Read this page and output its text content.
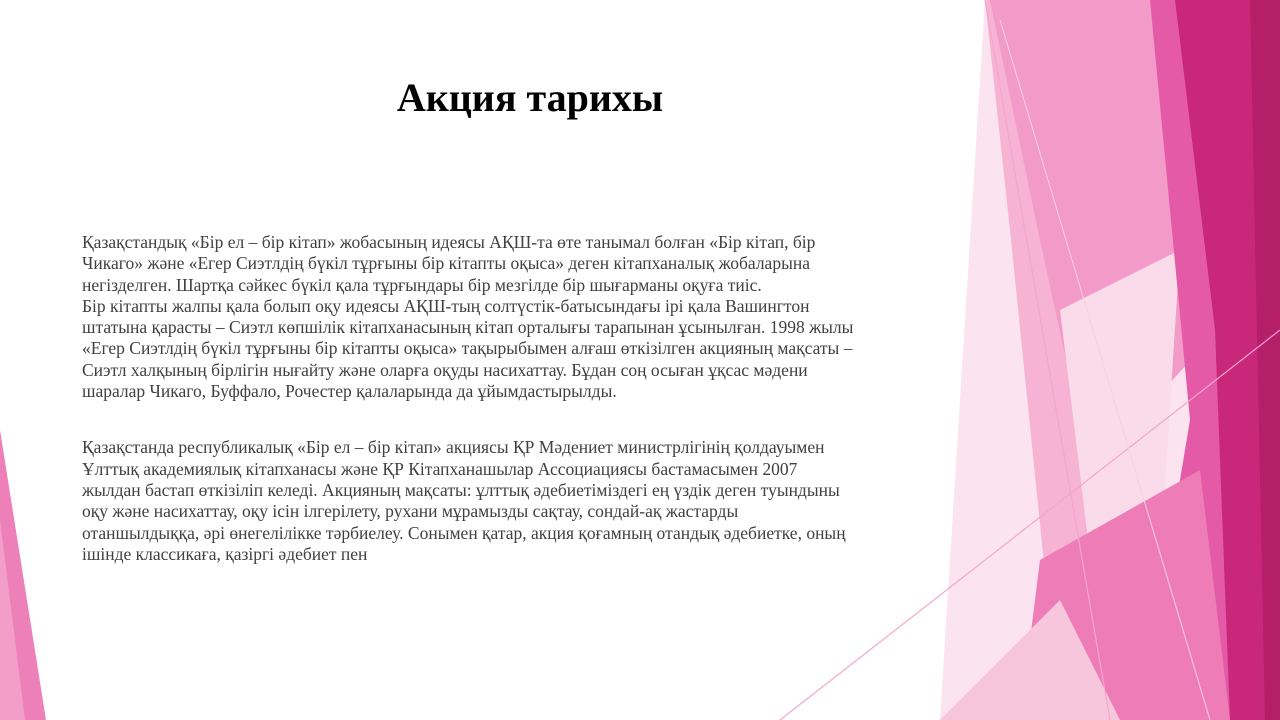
Акция тарихы

Қазақстандық «Бір ел – бір кітап» жобасының идеясы АҚШ-та өте танымал болған «Бір кітап, бір
Чикаго» және «Егер Сиэтлдің бүкіл тұрғыны бір кітапты оқыса» деген кітапханалық жобаларына
негізделген. Шартқа сәйкес бүкіл қала тұрғындары бір мезгілде бір шығарманы оқуға тиіс.
Бір кітапты жалпы қала болып оқу идеясы АҚШ-тың солтүстік-батысындағы ірі қала Вашингтон
штатына қарасты – Сиэтл көпшілік кітапханасының кітап орталығы тарапынан ұсынылған. 1998 жылы
«Егер Сиэтлдің бүкіл тұрғыны бір кітапты оқыса» тақырыбымен алғаш өткізілген акцияның мақсаты –
Сиэтл халқының бірлігін нығайту және оларға оқуды насихаттау. Бұдан соң осыған ұқсас мәдени
шаралар Чикаго, Буффало, Рочестер қалаларында да ұйымдастырылды.

Қазақстанда республикалық «Бір ел – бір кітап» акциясы ҚР Мәдениет министрлігінің қолдауымен
Ұлттық академиялық кітапханасы және ҚР Кітапханашылар Ассоциациясы бастамасымен 2007
жылдан бастап өткізіліп келеді. Акцияның мақсаты: ұлттық әдебиетіміздегі ең үздік деген туындыны
оқу және насихаттау, оқу ісін ілгерілету, рухани мұрамызды сақтау, сондай-ақ жастарды
отаншылдыққа, әрі өнегелілікке тәрбиелеу. Сонымен қатар, акция қоғамның отандық әдебиетке, оның
ішінде классикаға, қазіргі әдебиет пен
